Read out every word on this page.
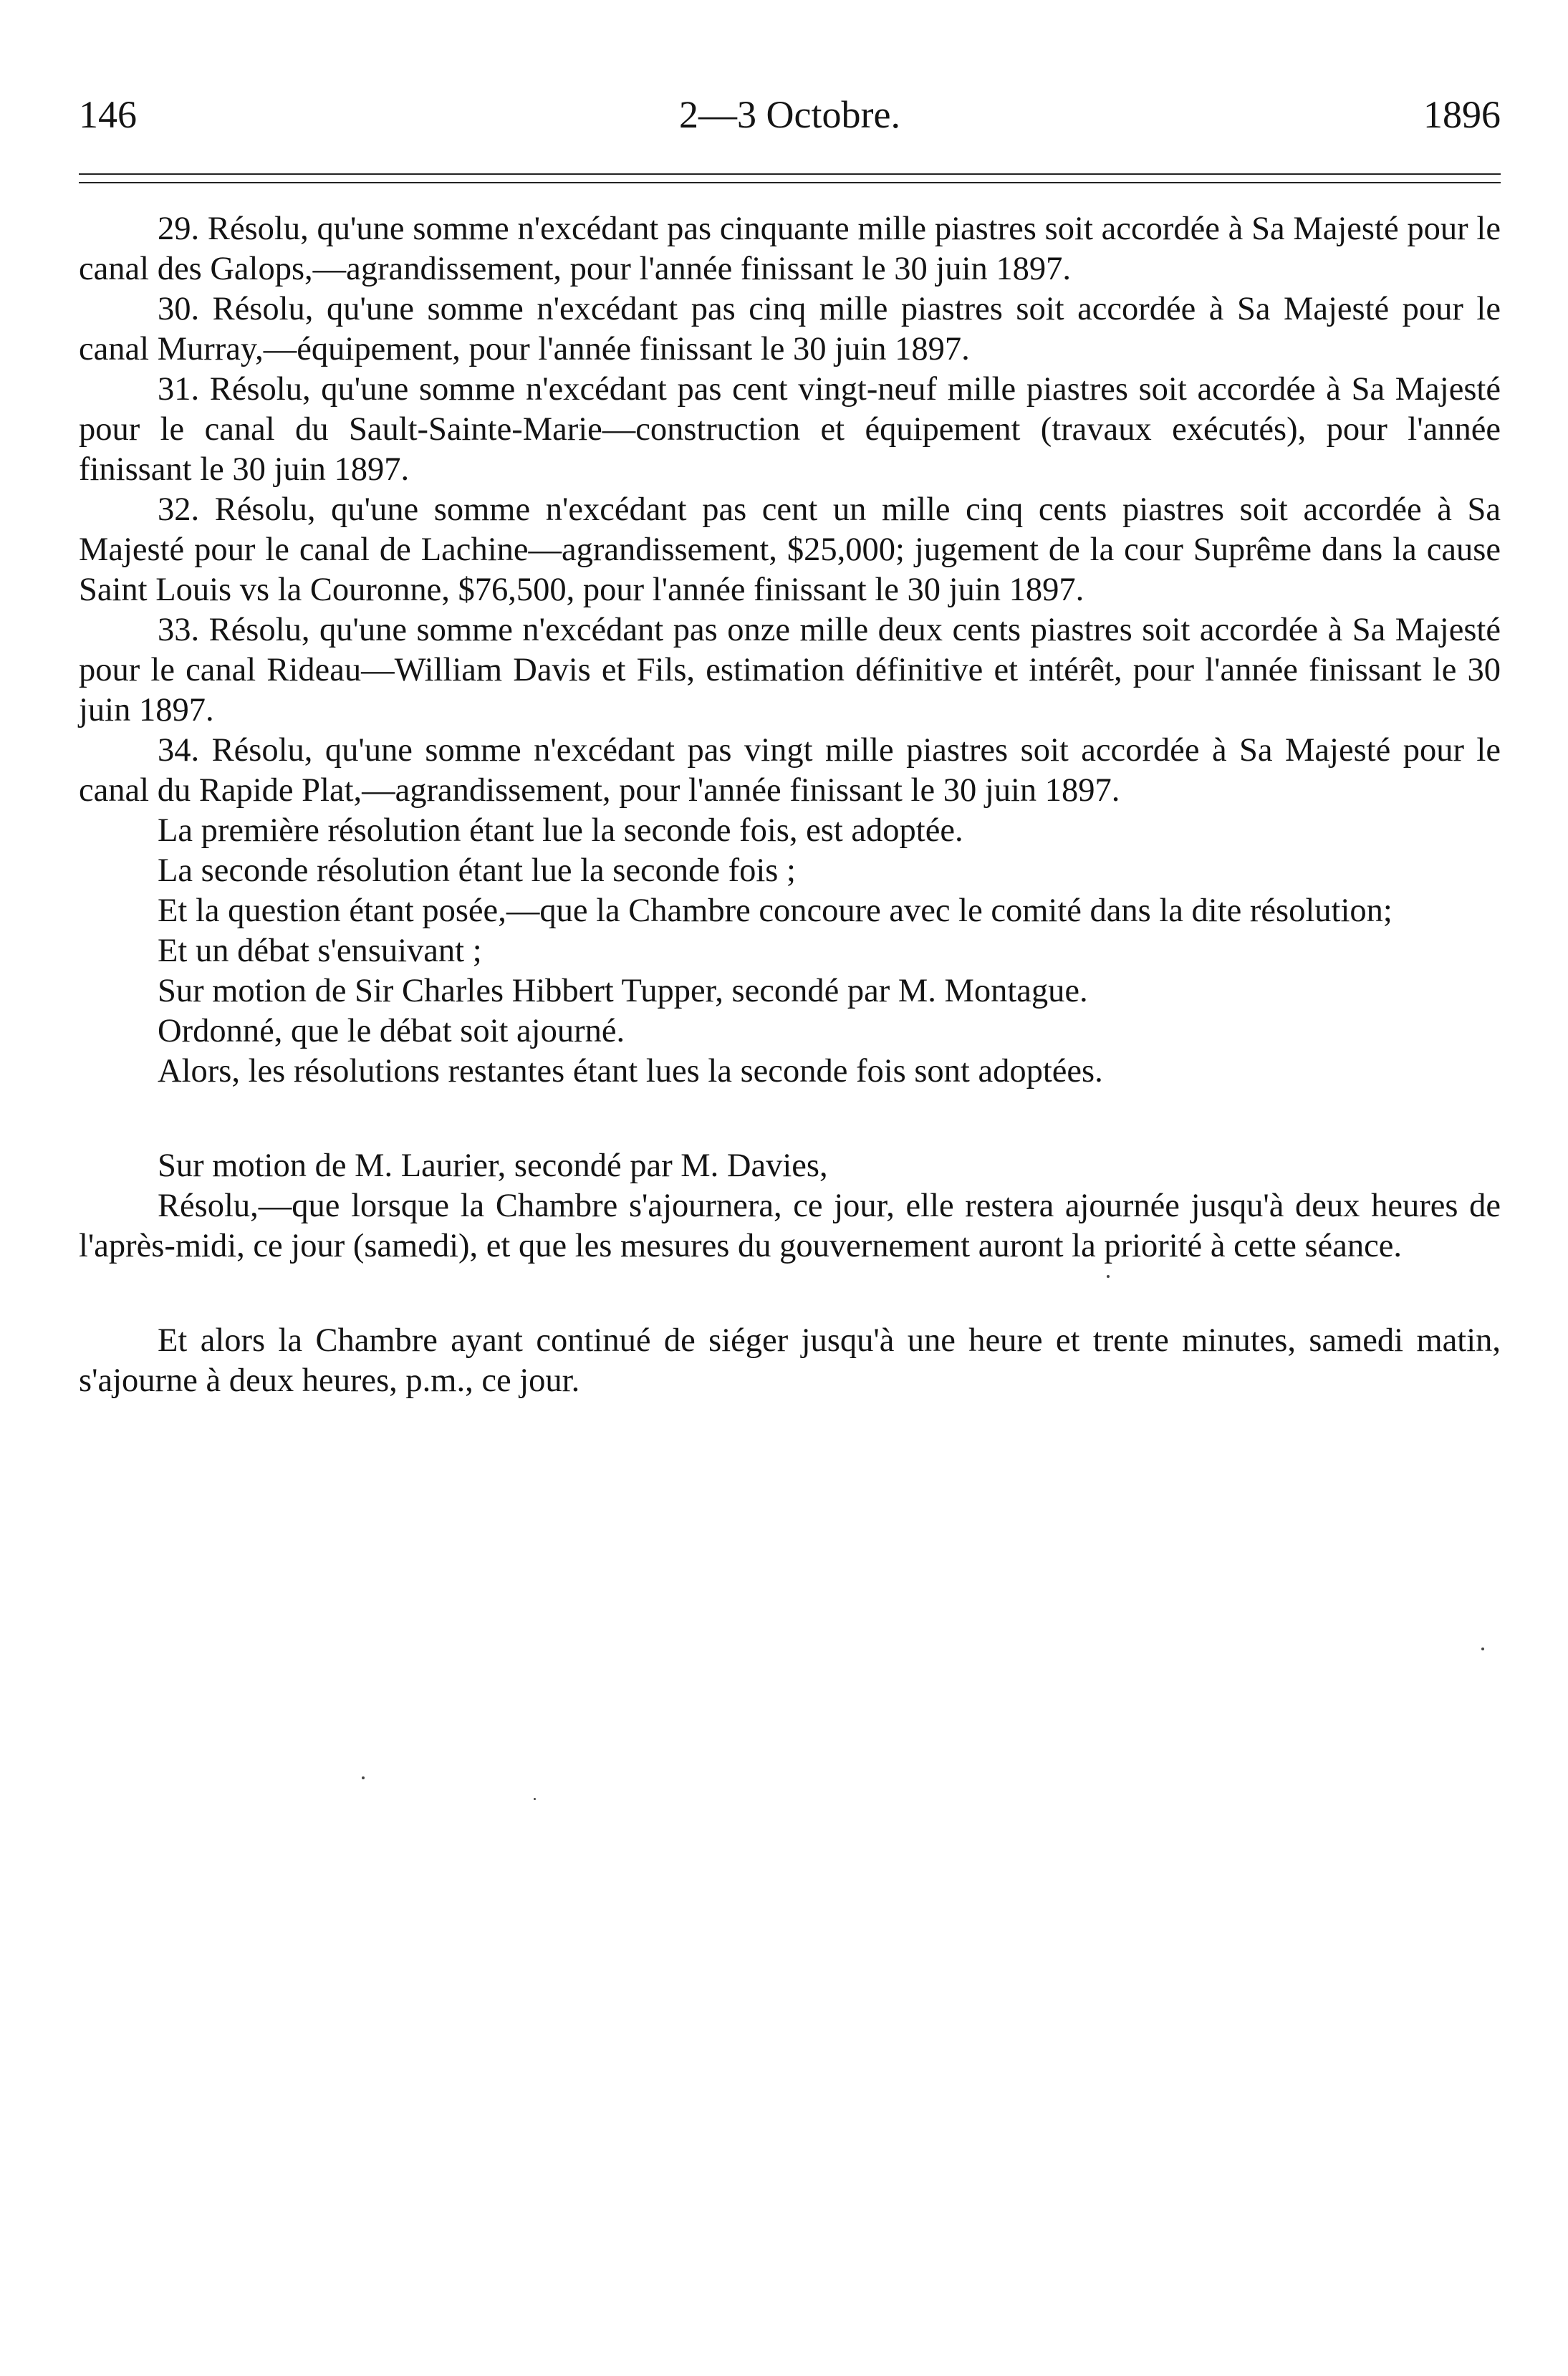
146	2—3 Octobre.	1896

29. Résolu, qu'une somme n'excédant pas cinquante mille piastres soit accordée à Sa Majesté pour le canal des Galops,—agrandissement, pour l'année finissant le 30 juin 1897.

30. Résolu, qu'une somme n'excédant pas cinq mille piastres soit accordée à Sa Majesté pour le canal Murray,—équipement, pour l'année finissant le 30 juin 1897.

31. Résolu, qu'une somme n'excédant pas cent vingt-neuf mille piastres soit accordée à Sa Majesté pour le canal du Sault-Sainte-Marie—construction et équipement (travaux exécutés), pour l'année finissant le 30 juin 1897.

32. Résolu, qu'une somme n'excédant pas cent un mille cinq cents piastres soit accordée à Sa Majesté pour le canal de Lachine—agrandissement, $25,000; jugement de la cour Suprême dans la cause Saint Louis vs la Couronne, $76,500, pour l'année finissant le 30 juin 1897.

33. Résolu, qu'une somme n'excédant pas onze mille deux cents piastres soit accordée à Sa Majesté pour le canal Rideau—William Davis et Fils, estimation définitive et intérêt, pour l'année finissant le 30 juin 1897.

34. Résolu, qu'une somme n'excédant pas vingt mille piastres soit accordée à Sa Majesté pour le canal du Rapide Plat,—agrandissement, pour l'année finissant le 30 juin 1897.

La première résolution étant lue la seconde fois, est adoptée.

La seconde résolution étant lue la seconde fois ;

Et la question étant posée,—que la Chambre concoure avec le comité dans la dite résolution;

Et un débat s'ensuivant ;

Sur motion de Sir Charles Hibbert Tupper, secondé par M. Montague.

Ordonné, que le débat soit ajourné.

Alors, les résolutions restantes étant lues la seconde fois sont adoptées.

Sur motion de M. Laurier, secondé par M. Davies,

Résolu,—que lorsque la Chambre s'ajournera, ce jour, elle restera ajournée jusqu'à deux heures de l'après-midi, ce jour (samedi), et que les mesures du gouvernement auront la priorité à cette séance.

Et alors la Chambre ayant continué de siéger jusqu'à une heure et trente minutes, samedi matin, s'ajourne à deux heures, p.m., ce jour.
